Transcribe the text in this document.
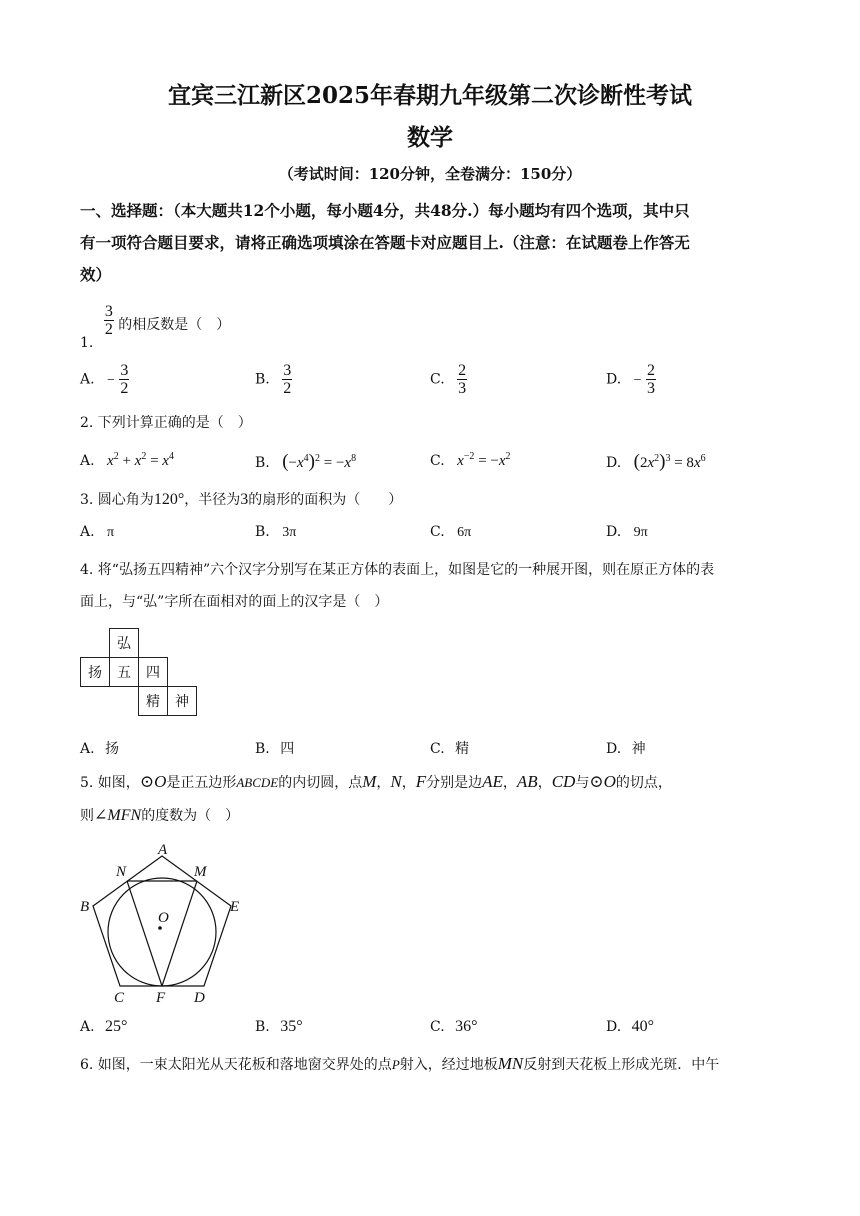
宜宾三江新区2025年春期九年级第二次诊断性考试
数学
（考试时间：120分钟，全卷满分：150分）
一、选择题：（本大题共12个小题，每小题4分，共48分.）每小题均有四个选项，其中只
有一项符合题目要求，请将正确选项填涂在答题卡对应题目上.（注意：在试题卷上作答无
效）
1.
$\frac{3}{2}$ 的相反数是（　）
A. − $\frac{3}{2}$	B. $\frac{3}{2}$	C. $\frac{2}{3}$	D. − $\frac{2}{3}$
2. 下列计算正确的是（　）
A. $x^2 + x^2 = x^4$	B. $(-x^4)^2 = -x^8$	C. $x^{-2} = -x^2$	D. $(2x^2)^3 = 8x^6$
3. 圆心角为120°，半径为3的扇形的面积为（　　）
A. π	B. 3π	C. 6π	D. 9π
4. 将“弘扬五四精神”六个汉字分别写在某正方体的表面上，如图是它的一种展开图，则在原正方体的表
面上，与“弘”字所在面相对的面上的汉字是（　）
	弘		
扬	五	四	
		精	神
A. 扬	B. 四	C. 精	D. 神
5. 如图，⊙O是正五边形ABCDE的内切圆，点M，N，F分别是边AE，AB，CD与⊙O的切点，
则∠MFN的度数为（　）
A
B
C	D
E
M
N
F
O
A. 25°	B. 35°	C. 36°	D. 40°
6. 如图，一束太阳光从天花板和落地窗交界处的点P射入，经过地板MN反射到天花板上形成光斑．中午
